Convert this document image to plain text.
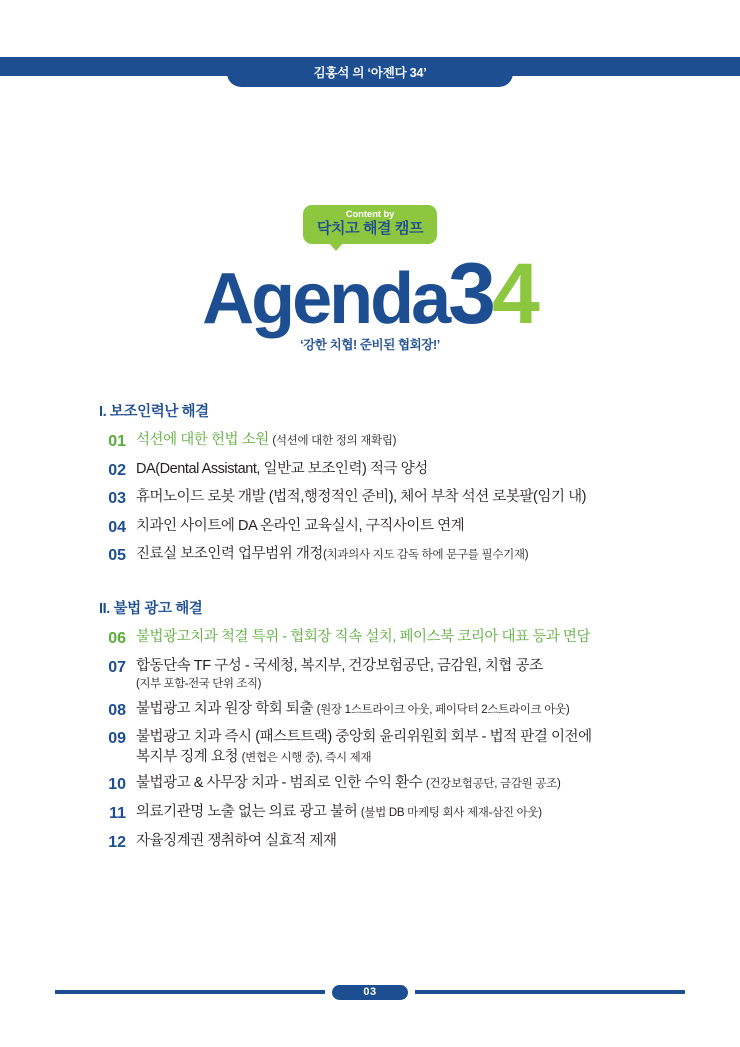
김홍석 의 ‘아젠다 34’
Content by
닥치고 해결 캠프
Agenda34
‘강한 치협! 준비된 협회장!’
I. 보조인력난 해결
01 석션에 대한 헌법 소원 (석션에 대한 정의 재확립)
02 DA(Dental Assistant, 일반교 보조인력) 적극 양성
03 휴머노이드 로봇 개발 (법적,행정적인 준비), 체어 부착 석션 로봇팔(임기 내)
04 치과인 사이트에 DA 온라인 교육실시, 구직사이트 연계
05 진료실 보조인력 업무범위 개정(치과의사 지도 감독 하에 문구를 필수기재)
II. 불법 광고 해결
06 불법광고치과 척결 특위 - 협회장 직속 설치, 페이스북 코리아 대표 등과 면담
07 합동단속 TF 구성 - 국세청, 복지부, 건강보험공단, 금감원, 치협 공조
(지부 포함-전국 단위 조직)
08 불법광고 치과 원장 학회 퇴출 (원장 1스트라이크 아웃, 페이닥터 2스트라이크 아웃)
09 불법광고 치과 즉시 (패스트트랙) 중앙회 윤리위원회 회부 - 법적 판결 이전에
복지부 징계 요청 (변협은 시행 중), 즉시 제재
10 불법광고 & 사무장 치과 - 범죄로 인한 수익 환수 (건강보험공단, 금감원 공조)
11 의료기관명 노출 없는 의료 광고 불허 (불법 DB 마케팅 회사 제재-삼진 아웃)
12 자율징계권 쟁취하여 실효적 제재
03
